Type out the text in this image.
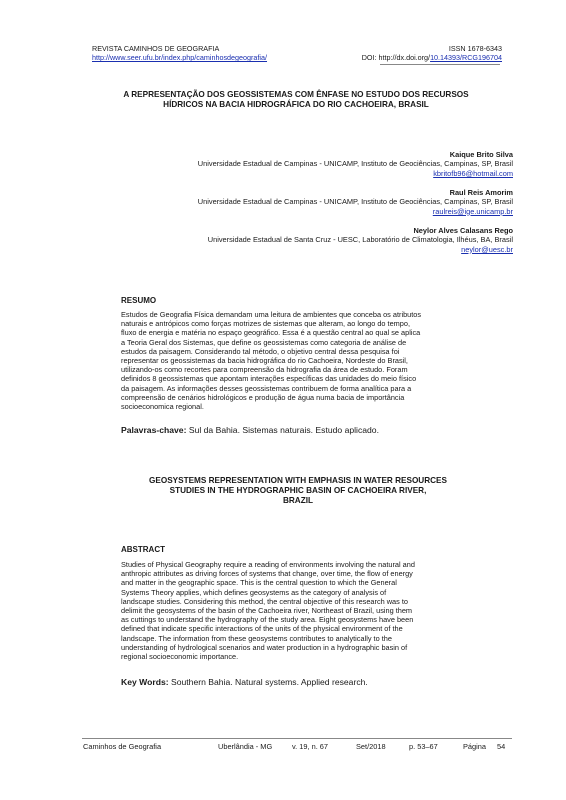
REVISTA CAMINHOS DE GEOGRAFIA	ISSN 1678-6343
http://www.seer.ufu.br/index.php/caminhosdegeografia/	DOI: http://dx.doi.org/10.14393/RCG196704
A REPRESENTAÇÃO DOS GEOSSISTEMAS COM ÊNFASE NO ESTUDO DOS RECURSOS
HÍDRICOS NA BACIA HIDROGRÁFICA DO RIO CACHOEIRA, BRASIL
Kaique Brito Silva
Universidade Estadual de Campinas - UNICAMP, Instituto de Geociências, Campinas, SP, Brasil
kbritofb96@hotmail.com
Raul Reis Amorim
Universidade Estadual de Campinas - UNICAMP, Instituto de Geociências, Campinas, SP, Brasil
raulreis@ige.unicamp.br
Neylor Alves Calasans Rego
Universidade Estadual de Santa Cruz - UESC, Laboratório de Climatologia, Ilhéus, BA, Brasil
neylor@uesc.br
RESUMO
Estudos de Geografia Física demandam uma leitura de ambientes que conceba os atributos
naturais e antrópicos como forças motrizes de sistemas que alteram, ao longo do tempo,
fluxo de energia e matéria no espaço geográfico. Essa é a questão central ao qual se aplica
a Teoria Geral dos Sistemas, que define os geossistemas como categoria de análise de
estudos da paisagem. Considerando tal método, o objetivo central dessa pesquisa foi
representar os geossistemas da bacia hidrográfica do rio Cachoeira, Nordeste do Brasil,
utilizando-os como recortes para compreensão da hidrografia da área de estudo. Foram
definidos 8 geossistemas que apontam interações específicas das unidades do meio físico
da paisagem. As informações desses geossistemas contribuem de forma analítica para a
compreensão de cenários hidrológicos e produção de água numa bacia de importância
socioeconomica regional.
Palavras-chave: Sul da Bahia. Sistemas naturais. Estudo aplicado.
GEOSYSTEMS REPRESENTATION WITH EMPHASIS IN WATER RESOURCES
STUDIES IN THE HYDROGRAPHIC BASIN OF CACHOEIRA RIVER,
BRAZIL
ABSTRACT
Studies of Physical Geography require a reading of environments involving the natural and
anthropic attributes as driving forces of systems that change, over time, the flow of energy
and matter in the geographic space. This is the central question to which the General
Systems Theory applies, which defines geosystems as the category of analysis of
landscape studies. Considering this method, the central objective of this research was to
delimit the geosystems of the basin of the Cachoeira river, Northeast of Brazil, using them
as cuttings to understand the hydrography of the study area. Eight geosystems have been
defined that indicate specific interactions of the units of the physical environment of the
landscape. The information from these geosystems contributes to analytically to the
understanding of hydrological scenarios and water production in a hydrographic basin of
regional socioeconomic importance.
Key Words: Southern Bahia. Natural systems. Applied research.
Caminhos de Geografia	Uberlândia - MG	v. 19, n. 67	Set/2018	p. 53–67	Página 54
